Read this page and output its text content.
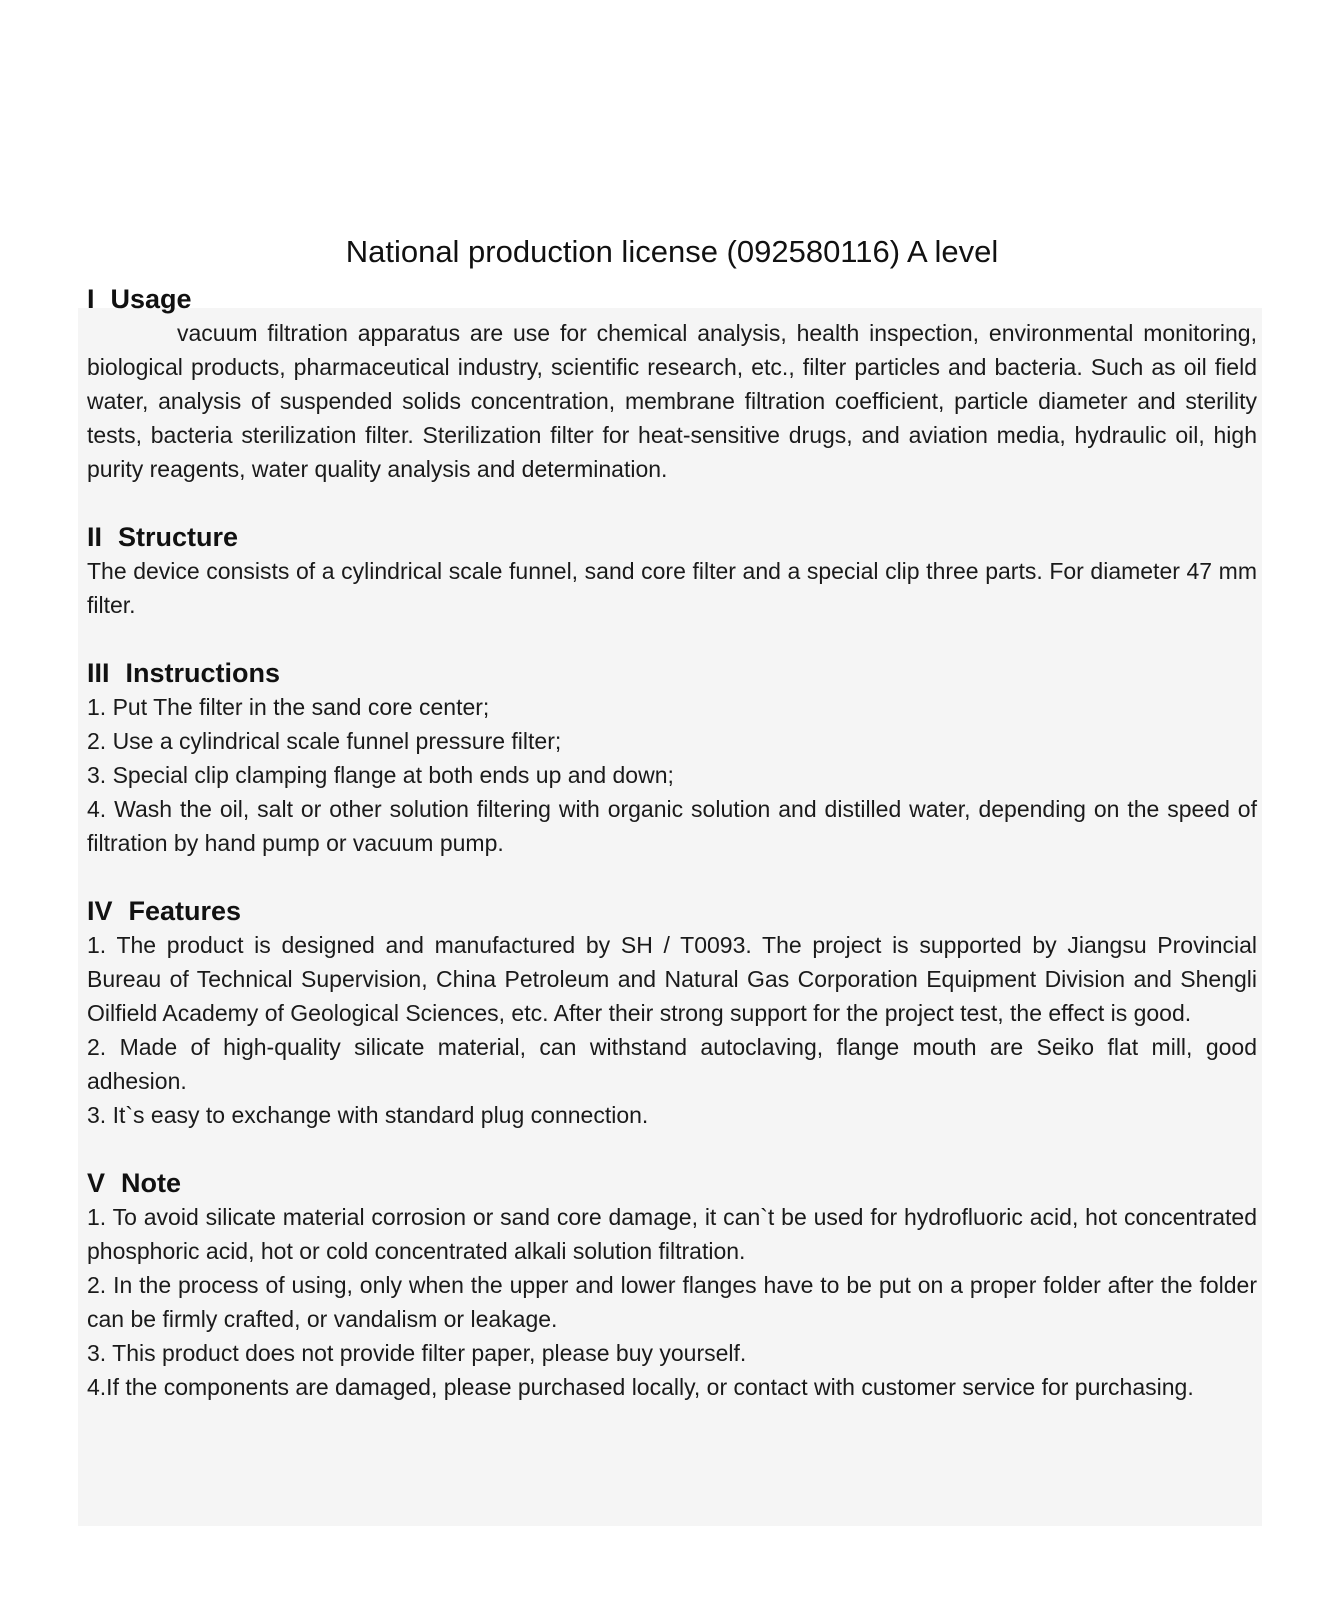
National production license (092580116) A level
I Usage

vacuum filtration apparatus are use for chemical analysis, health inspection, environmental monitoring, biological products, pharmaceutical industry, scientific research, etc., filter particles and bacteria. Such as oil field water, analysis of suspended solids concentration, membrane filtration coefficient, particle diameter and sterility tests, bacteria sterilization filter. Sterilization filter for heat-sensitive drugs, and aviation media, hydraulic oil, high purity reagents, water quality analysis and determination.

II Structure

The device consists of a cylindrical scale funnel, sand core filter and a special clip three parts. For diameter 47 mm filter.

III Instructions

1. Put The filter in the sand core center;

2. Use a cylindrical scale funnel pressure filter;

3. Special clip clamping flange at both ends up and down;

4. Wash the oil, salt or other solution filtering with organic solution and distilled water, depending on the speed of filtration by hand pump or vacuum pump.

IV Features

1. The product is designed and manufactured by SH / T0093. The project is supported by Jiangsu Provincial Bureau of Technical Supervision, China Petroleum and Natural Gas Corporation Equipment Division and Shengli Oilfield Academy of Geological Sciences, etc. After their strong support for the project test, the effect is good.

2. Made of high-quality silicate material, can withstand autoclaving, flange mouth are Seiko flat mill, good adhesion.

3. It`s easy to exchange with standard plug connection.

V Note

1. To avoid silicate material corrosion or sand core damage, it can`t be used for hydrofluoric acid, hot concentrated phosphoric acid, hot or cold concentrated alkali solution filtration.

2. In the process of using, only when the upper and lower flanges have to be put on a proper folder after the folder can be firmly crafted, or vandalism or leakage.

3. This product does not provide filter paper, please buy yourself.

4.If the components are damaged, please purchased locally, or contact with customer service for purchasing.
